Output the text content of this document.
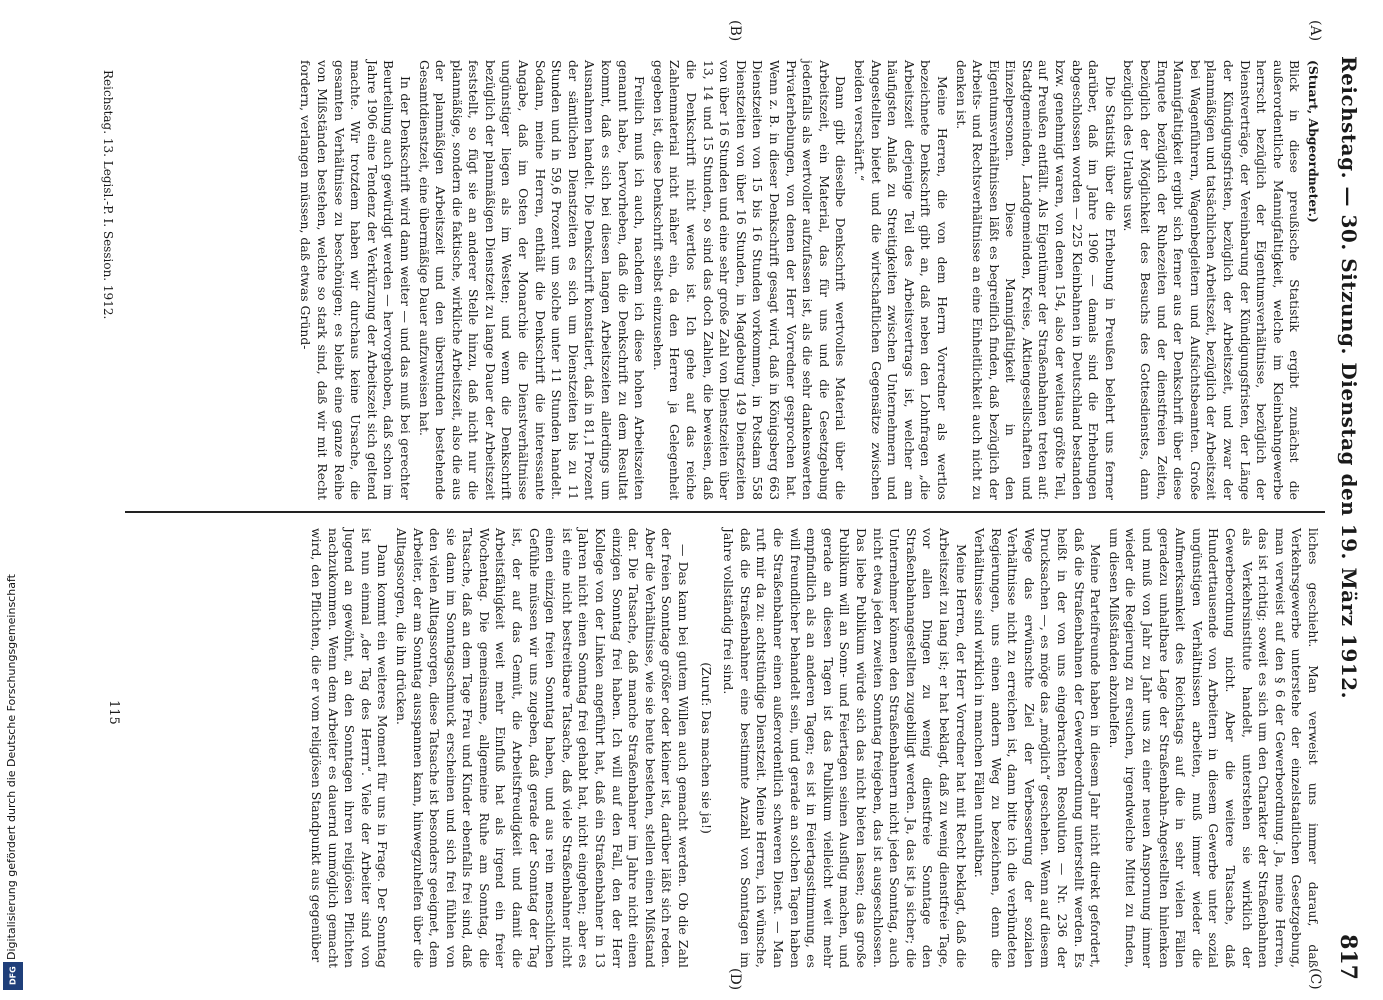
Digitalisierung gefördert durch die Deutsche Forschungsgemeinschaft
DFG
Reichstag. — 30. Sitzung. Dienstag den 19. März 1912.
817
(A)
(B)
(C)
(D)

(Stuart, Abgeordneter.)

Blick in diese preußische Statistik ergibt zunächst die außerordentliche Mannigfaltigkeit, welche im Kleinbahngewerbe herrscht bezüglich der Eigentumsverhältnisse, bezüglich der Dienstverträge, der Vereinbarung der Kündigungsfristen, der Länge der Kündigungsfristen, bezüglich der Arbeitszeit, und zwar der planmäßigen und tatsächlichen Arbeitszeit, bezüglich der Arbeitszeit bei Wagenführern, Wagenbegleitern und Aufsichtsbeamten. Große Mannigfaltigkeit ergibt sich ferner aus der Denkschrift über diese Enquete bezüglich der Ruhezeiten und der dienstfreien Zeiten, bezüglich der Möglichkeit des Besuchs des Gottesdienstes, dann bezüglich des Urlaubs usw.

Die Statistik über die Erhebung in Preußen belehrt uns ferner darüber, daß im Jahre 1906 — damals sind die Erhebungen abgeschlossen worden — 225 Kleinbahnen in Deutschland bestanden bzw. genehmigt waren, von denen 154, also der weitaus größte Teil, auf Preußen entfällt. Als Eigentümer der Straßenbahnen treten auf: Stadtgemeinden, Landgemeinden, Kreise, Aktiengesellschaften und Einzelpersonen. Diese Mannigfaltigkeit in den Eigentumsverhältnissen läßt es begreiflich finden, daß bezüglich der Arbeits- und Rechtsverhältnisse an eine Einheitlichkeit auch nicht zu denken ist.

Meine Herren, die von dem Herrn Vorredner als wertlos bezeichnete Denkschrift gibt an, daß neben den Lohnfragen „die Arbeitszeit derjenige Teil des Arbeitsvertrags ist, welcher am häufigsten Anlaß zu Streitigkeiten zwischen Unternehmern und Angestellten bietet und die wirtschaftlichen Gegensätze zwischen beiden verschärft.“

Dann gibt dieselbe Denkschrift wertvolles Material über die Arbeitszeit, ein Material, das für uns und die Gesetzgebung jedenfalls als wertvoller aufzufassen ist, als die sehr dankenswerten Privaterhebungen, von denen der Herr Vorredner gesprochen hat. Wenn z. B. in dieser Denkschrift gesagt wird, daß in Königsberg 663 Dienstzeiten von 15 bis 16 Stunden vorkommen, in Potsdam 558 Dienstzeiten von über 16 Stunden, in Magdeburg 149 Dienstzeiten von über 16 Stunden und eine sehr große Zahl von Dienstzeiten über 13, 14 und 15 Stunden, so sind das doch Zahlen, die beweisen, daß die Denkschrift nicht wertlos ist. Ich gehe auf das reiche Zahlenmaterial nicht näher ein, da den Herren ja Gelegenheit gegeben ist, diese Denkschrift selbst einzusehen.

Freilich muß ich auch, nachdem ich diese hohen Arbeitszeiten genannt habe, hervorheben, daß die Denkschrift zu dem Resultat kommt, daß es sich bei diesen langen Arbeitszeiten allerdings um Ausnahmen handelt. Die Denkschrift konstatiert, daß in 81,1 Prozent der sämtlichen Dienstzeiten es sich um Dienstzeiten bis zu 11 Stunden und in 59,6 Prozent um solche unter 11 Stunden handelt. Sodann, meine Herren, enthält die Denkschrift die interessante Angabe, daß im Osten der Monarchie die Dienstverhältnisse ungünstiger liegen als im Westen; und wenn die Denkschrift bezüglich der planmäßigen Dienstzeit zu lange Dauer der Arbeitszeit feststellt, so fügt sie an anderer Stelle hinzu, daß nicht nur die planmäßige, sondern die faktische, wirkliche Arbeitszeit, also die aus der planmäßigen Arbeitszeit und den überstunden bestehende Gesamtdienstzeit, eine übermäßige Dauer aufzuweisen hat.

In der Denkschrift wird dann weiter — und das muß bei gerechter Beurteilung auch gewürdigt werden — hervorgehoben, daß schon im Jahre 1906 eine Tendenz der Verkürzung der Arbeitszeit sich geltend machte. Wir trotzdem haben wir durchaus keine Ursache, die gesamten Verhältnisse zu beschönigen; es bleibt eine ganze Reihe von Mißständen bestehen, welche so stark sind, daß wir mit Recht fordern, verlangen müssen, daß etwas Gründ-

liches geschieht. Man verweist uns immer darauf, daß Verkehrsgewerbe unterstehe der einzelstaatlichen Gesetzgebung, man verweist auf den § 6 der Gewerbeordnung. Ja, meine Herren, das ist richtig; soweit es sich um den Charakter der Straßenbahnen als Verkehrsinstitute handelt, unterstehen sie wirklich der Gewerbeordnung nicht. Aber die weitere Tatsache, daß Hunderttausende von Arbeitern in diesem Gewerbe unter sozial ungünstigen Verhältnissen arbeiten, muß immer wieder die Aufmerksamkeit des Reichstags auf die in sehr vielen Fällen geradezu unhaltbare Lage der Straßenbahn-Angestellten hinlenken und muß von Jahr zu Jahr uns zu einer neuen Anspornung immer wieder die Regierung zu ersuchen, irgendwelche Mittel zu finden, um diesen Mißständen abzuhelfen.

Meine Parteifreunde haben in diesem Jahr nicht direkt gefordert, daß die Straßenbahnen der Gewerbeordnung unterstellt werden. Es heißt in der von uns eingebrachten Resolution — Nr. 236 der Drucksachen —, es möge das „möglich“ geschehen. Wenn auf diesem Wege das erwünschte Ziel der Verbesserung der sozialen Verhältnisse nicht zu erreichen ist, dann bitte ich die verbündeten Regierungen, uns einen andern Weg zu bezeichnen, denn die Verhältnisse sind wirklich in manchen Fällen unhaltbar.

Meine Herren, der Herr Vorredner hat mit Recht beklagt, daß die Arbeitszeit zu lang ist; er hat beklagt, daß zu wenig dienstfreie Tage, vor allen Dingen zu wenig dienstfreie Sonntage den Straßenbahnangestellten zugebilligt werden. Ja, das ist ja sicher; die Unternehmer können den Straßenbahnern nicht jeden Sonntag, auch nicht etwa jeden zweiten Sonntag freigeben, das ist ausgeschlossen. Das liebe Publikum würde sich das nicht bieten lassen; das große Publikum will an Sonn- und Feiertagen seinen Ausflug machen, und gerade an diesen Tagen ist das Publikum vielleicht weit mehr empfindlich als an anderen Tagen; es ist in Feiertagsstimmung, es will freundlicher behandelt sein, und gerade an solchen Tagen haben die Straßenbahner einen außerordentlich schweren Dienst. — Man ruft mir da zu: achtstündige Dienstzeit. Meine Herren, ich wünsche, daß die Straßenbahner eine bestimmte Anzahl von Sonntagen im Jahre vollständig frei sind.

(Zuruf: Das machen sie ja!)

— Das kann bei gutem Willen auch gemacht werden. Ob die Zahl der freien Sonntage größer oder kleiner ist, darüber läßt sich reden. Aber die Verhältnisse, wie sie heute bestehen, stellen einen Mißstand dar. Die Tatsache, daß manche Straßenbahner im Jahre nicht einen einzigen Sonntag frei haben. Ich will auf den Fall, den der Herr Kollege von der Linken angeführt hat, daß ein Straßenbahner in 13 Jahren nicht einen Sonntag frei gehabt hat, nicht eingehen; aber es ist eine nicht bestreitbare Tatsache, daß viele Straßenbahner nicht einen einzigen freien Sonntag haben, und aus rein menschlichen Gefühle müssen wir uns zugeben, daß gerade der Sonntag der Tag ist, der auf das Gemüt, die Arbeitsfreudigkeit und damit die Arbeitsfähigkeit weit mehr Einfluß hat als irgend ein freier Wochentag. Die gemeinsame, allgemeine Ruhe am Sonntag, die Tatsache, daß an dem Tage Frau und Kinder ebenfalls frei sind, daß sie dann im Sonntagsschmuck erscheinen und sich frei fühlen von den vielen Alltagssorgen, diese Tatsache ist besonders geeignet, dem Arbeiter, der am Sonntag ausspannen kann, hinwegzuhelfen über die Alltagssorgen, die ihn drücken.

Dann kommt ein weiteres Moment für uns in Frage. Der Sonntag ist nun einmal „der Tag des Herrn“. Viele der Arbeiter sind von Jugend an gewöhnt, an den Sonntagen ihren religiösen Pflichten nachzukommen. Wenn dem Arbeiter es dauernd unmöglich gemacht wird, den Pflichten, die er vom religiösen Standpunkt aus gegenüber

Reichstag. 13. Legisl.-P. I. Session. 1912.
115
